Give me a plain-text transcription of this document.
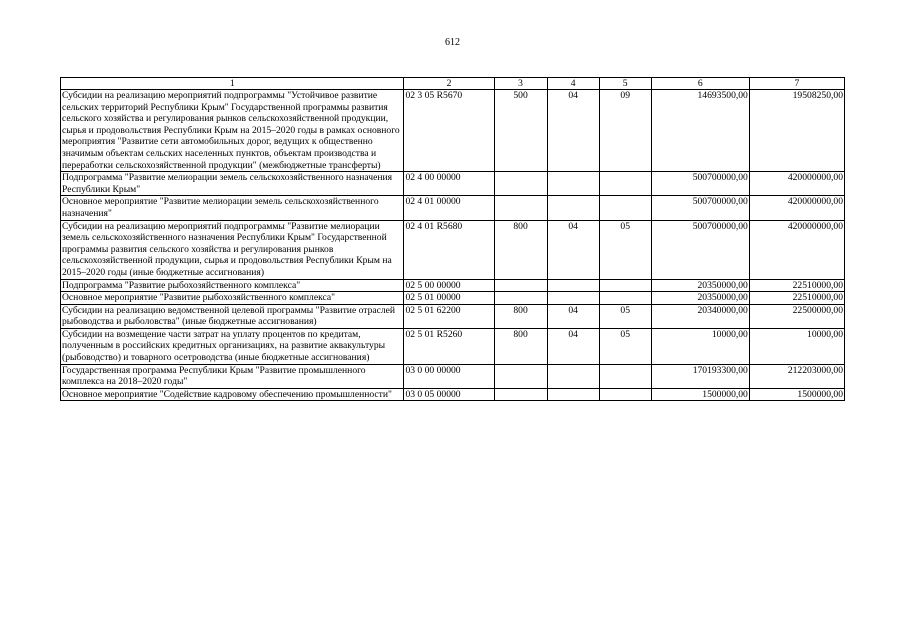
612
1	2	3	4	5	6	7
Субсидии на реализацию мероприятий подпрограммы "Устойчивое развитие сельских территорий Республики Крым" Государственной программы развития сельского хозяйства и регулирования рынков сельскохозяйственной продукции, сырья и продовольствия Республики Крым на 2015–2020 годы в рамках основного мероприятия "Развитие сети автомобильных дорог, ведущих к общественно значимым объектам сельских населенных пунктов, объектам производства и переработки сельскохозяйственной продукции" (межбюджетные трансферты)	02 3 05 R5670	500	04	09	14693500,00	19508250,00
Подпрограмма "Развитие мелиорации земель сельскохозяйственного назначения Республики Крым"	02 4 00 00000				500700000,00	420000000,00
Основное мероприятие "Развитие мелиорации земель сельскохозяйственного назначения"	02 4 01 00000				500700000,00	420000000,00
Субсидии на реализацию мероприятий подпрограммы "Развитие мелиорации земель сельскохозяйственного назначения Республики Крым" Государственной программы развития сельского хозяйства и регулирования рынков сельскохозяйственной продукции, сырья и продовольствия Республики Крым на 2015–2020 годы (иные бюджетные ассигнования)	02 4 01 R5680	800	04	05	500700000,00	420000000,00
Подпрограмма "Развитие рыбохозяйственного комплекса"	02 5 00 00000				20350000,00	22510000,00
Основное мероприятие "Развитие рыбохозяйственного комплекса"	02 5 01 00000				20350000,00	22510000,00
Субсидии на реализацию ведомственной целевой программы "Развитие отраслей рыбоводства и рыболовства" (иные бюджетные ассигнования)	02 5 01 62200	800	04	05	20340000,00	22500000,00
Субсидии на возмещение части затрат на уплату процентов по кредитам, полученным в российских кредитных организациях, на развитие аквакультуры (рыбоводство) и товарного осетроводства (иные бюджетные ассигнования)	02 5 01 R5260	800	04	05	10000,00	10000,00
Государственная программа Республики Крым "Развитие промышленного комплекса на 2018–2020 годы"	03 0 00 00000				170193300,00	212203000,00
Основное мероприятие "Содействие кадровому обеспечению промышленности"	03 0 05 00000				1500000,00	1500000,00
